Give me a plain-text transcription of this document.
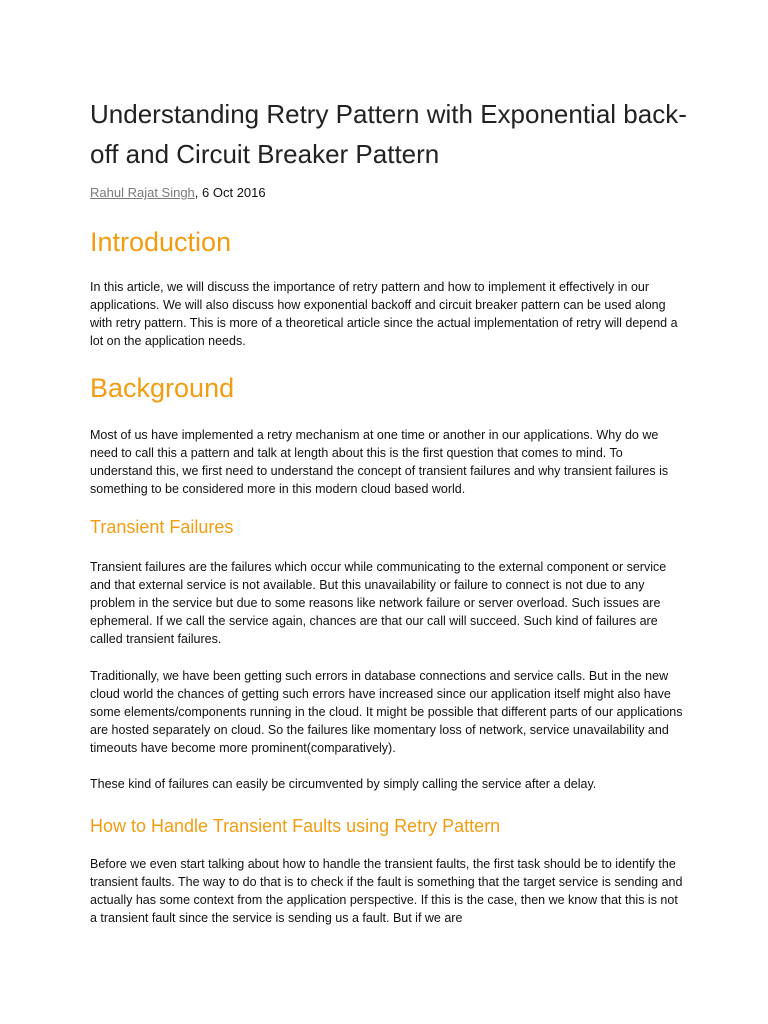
Understanding Retry Pattern with Exponential back-off and Circuit Breaker Pattern
Rahul Rajat Singh, 6 Oct 2016
Introduction

In this article, we will discuss the importance of retry pattern and how to implement it effectively in our applications. We will also discuss how exponential backoff and circuit breaker pattern can be used along with retry pattern. This is more of a theoretical article since the actual implementation of retry will depend a lot on the application needs.

Background

Most of us have implemented a retry mechanism at one time or another in our applications. Why do we need to call this a pattern and talk at length about this is the first question that comes to mind. To understand this, we first need to understand the concept of transient failures and why transient failures is something to be considered more in this modern cloud based world.

Transient Failures

Transient failures are the failures which occur while communicating to the external component or service and that external service is not available. But this unavailability or failure to connect is not due to any problem in the service but due to some reasons like network failure or server overload. Such issues are ephemeral. If we call the service again, chances are that our call will succeed. Such kind of failures are called transient failures.

Traditionally, we have been getting such errors in database connections and service calls. But in the new cloud world the chances of getting such errors have increased since our application itself might also have some elements/components running in the cloud. It might be possible that different parts of our applications are hosted separately on cloud. So the failures like momentary loss of network, service unavailability and timeouts have become more prominent(comparatively).

These kind of failures can easily be circumvented by simply calling the service after a delay.

How to Handle Transient Faults using Retry Pattern

Before we even start talking about how to handle the transient faults, the first task should be to identify the transient faults. The way to do that is to check if the fault is something that the target service is sending and actually has some context from the application perspective. If this is the case, then we know that this is not a transient fault since the service is sending us a fault. But if we are
